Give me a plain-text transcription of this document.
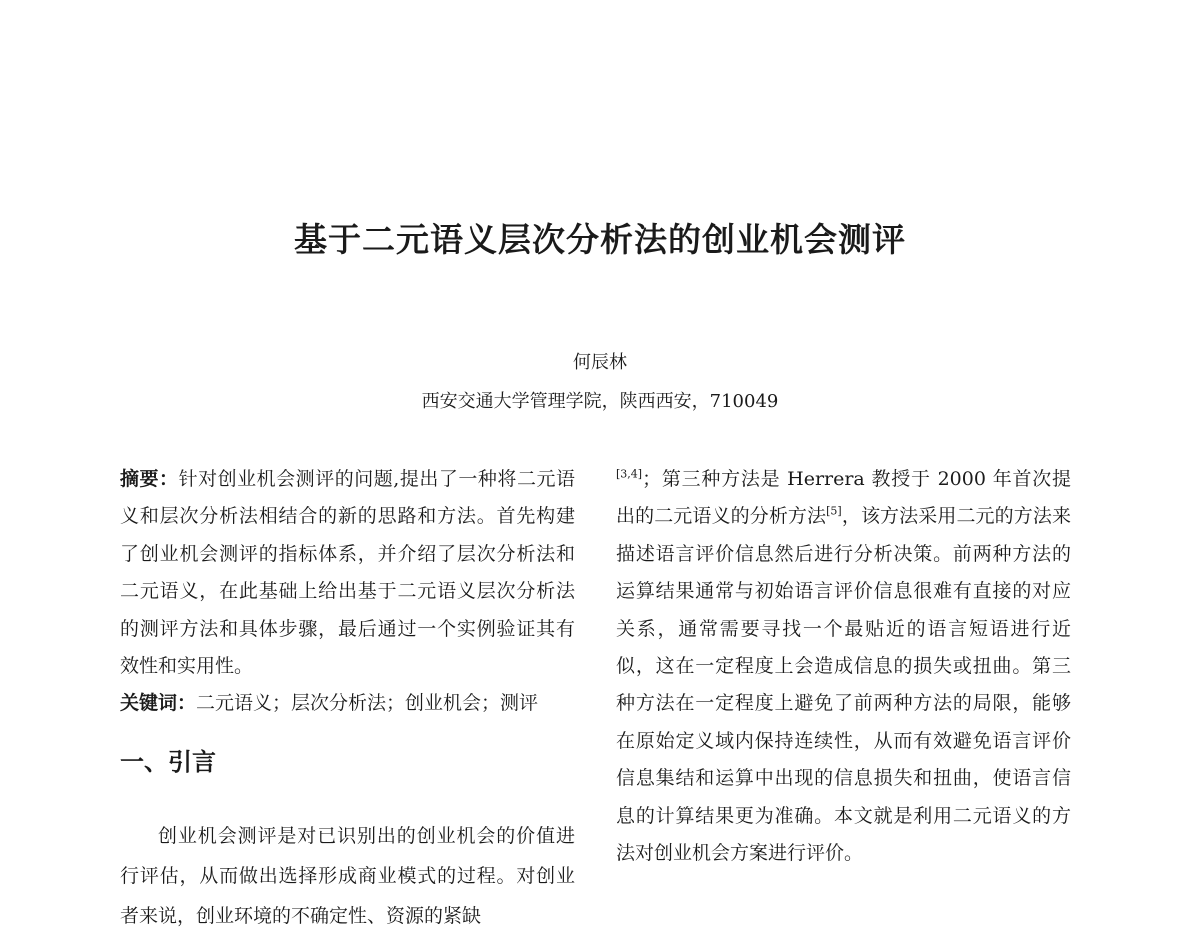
基于二元语义层次分析法的创业机会测评
何辰林
西安交通大学管理学院，陕西西安，710049

摘要：针对创业机会测评的问题,提出了一种将二元语义和层次分析法相结合的新的思路和方法。首先构建了创业机会测评的指标体系，并介绍了层次分析法和二元语义，在此基础上给出基于二元语义层次分析法的测评方法和具体步骤，最后通过一个实例验证其有效性和实用性。

关键词：二元语义；层次分析法；创业机会；测评

一、引言

创业机会测评是对已识别出的创业机会的价值进行评估，从而做出选择形成商业模式的过程。对创业者来说，创业环境的不确定性、资源的紧缺

[3,4]；第三种方法是 Herrera 教授于 2000 年首次提出的二元语义的分析方法[5]，该方法采用二元的方法来描述语言评价信息然后进行分析决策。前两种方法的运算结果通常与初始语言评价信息很难有直接的对应关系，通常需要寻找一个最贴近的语言短语进行近似，这在一定程度上会造成信息的损失或扭曲。第三种方法在一定程度上避免了前两种方法的局限，能够在原始定义域内保持连续性，从而有效避免语言评价信息集结和运算中出现的信息损失和扭曲，使语言信息的计算结果更为准确。本文就是利用二元语义的方法对创业机会方案进行评价。
